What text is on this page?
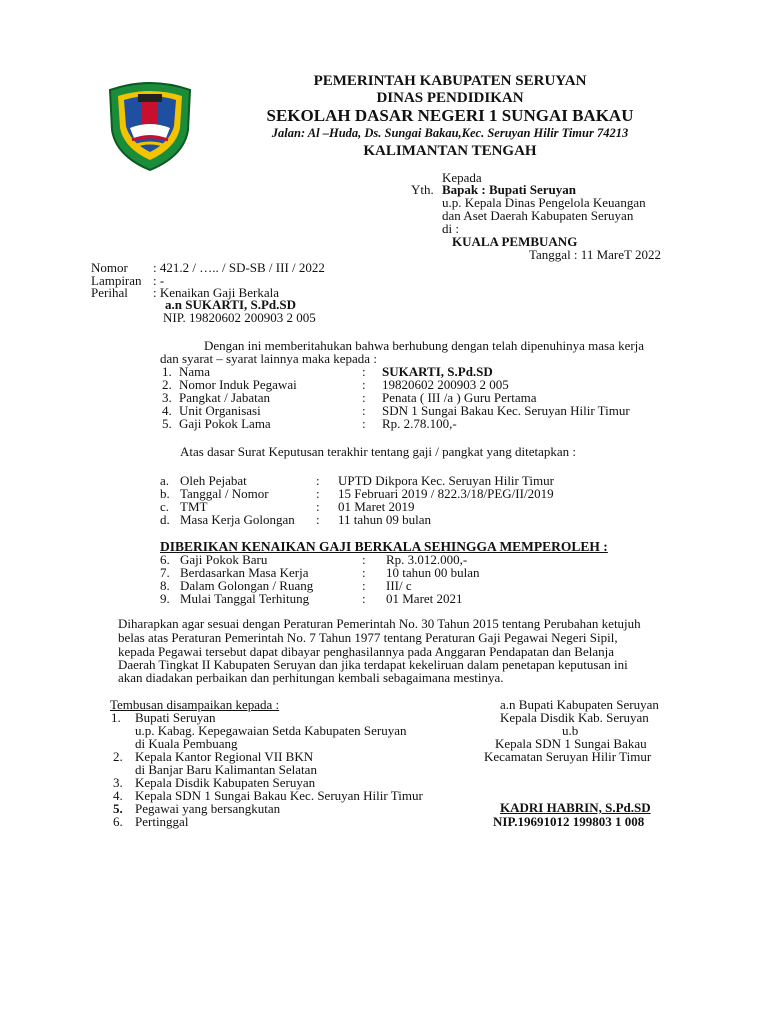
PEMERINTAH KABUPATEN SERUYAN
DINAS PENDIDIKAN
SEKOLAH DASAR NEGERI 1 SUNGAI BAKAU
Jalan: Al –Huda, Ds. Sungai Bakau,Kec. Seruyan Hilir Timur 74213
KALIMANTAN TENGAH
Kepada
Yth. Bapak : Bupati Seruyan
u.p. Kepala Dinas Pengelola Keuangan
dan Aset Daerah Kabupaten Seruyan
di :
KUALA PEMBUANG
Tanggal : 11 MareT 2022
Nomor : 421.2 / ….. / SD-SB / III / 2022
Lampiran : -
Perihal : Kenaikan Gaji Berkala
a.n SUKARTI, S.Pd.SD
NIP. 19820602 200903 2 005
Dengan ini memberitahukan bahwa berhubung dengan telah dipenuhinya masa kerja
dan syarat – syarat lainnya maka kepada :
1. Nama	: SUKARTI, S.Pd.SD
2. Nomor Induk Pegawai	: 19820602 200903 2 005
3. Pangkat / Jabatan	: Penata ( III /a ) Guru Pertama
4. Unit Organisasi	: SDN 1 Sungai Bakau Kec. Seruyan Hilir Timur
5. Gaji Pokok Lama	: Rp. 2.78.100,-
Atas dasar Surat Keputusan terakhir tentang gaji / pangkat yang ditetapkan :
a. Oleh Pejabat	: UPTD Dikpora Kec. Seruyan Hilir Timur
b. Tanggal / Nomor	: 15 Februari 2019 / 822.3/18/PEG/II/2019
c. TMT	: 01 Maret 2019
d. Masa Kerja Golongan : 11 tahun 09 bulan
DIBERIKAN KENAIKAN GAJI BERKALA SEHINGGA MEMPEROLEH :
6. Gaji Pokok Baru	: Rp. 3.012.000,-
7. Berdasarkan Masa Kerja	: 10 tahun 00 bulan
8. Dalam Golongan / Ruang	: III/ c
9. Mulai Tanggal Terhitung	: 01 Maret 2021
Diharapkan agar sesuai dengan Peraturan Pemerintah No. 30 Tahun 2015 tentang Perubahan ketujuh
belas atas Peraturan Pemerintah No. 7 Tahun 1977 tentang Peraturan Gaji Pegawai Negeri Sipil,
kepada Pegawai tersebut dapat dibayar penghasilannya pada Anggaran Pendapatan dan Belanja
Daerah Tingkat II Kabupaten Seruyan dan jika terdapat kekeliruan dalam penetapan keputusan ini
akan diadakan perbaikan dan perhitungan kembali sebagaimana mestinya.
Tembusan disampaikan kepada :
1. Bupati Seruyan
u.p. Kabag. Kepegawaian Setda Kabupaten Seruyan
di Kuala Pembuang
2. Kepala Kantor Regional VII BKN
di Banjar Baru Kalimantan Selatan
3. Kepala Disdik Kabupaten Seruyan
4. Kepala SDN 1 Sungai Bakau Kec. Seruyan Hilir Timur
5. Pegawai yang bersangkutan
6. Pertinggal
a.n Bupati Kabupaten Seruyan
Kepala Disdik Kab. Seruyan
u.b
Kepala SDN 1 Sungai Bakau
Kecamatan Seruyan Hilir Timur
KADRI HABRIN, S.Pd.SD
NIP.19691012 199803 1 008
